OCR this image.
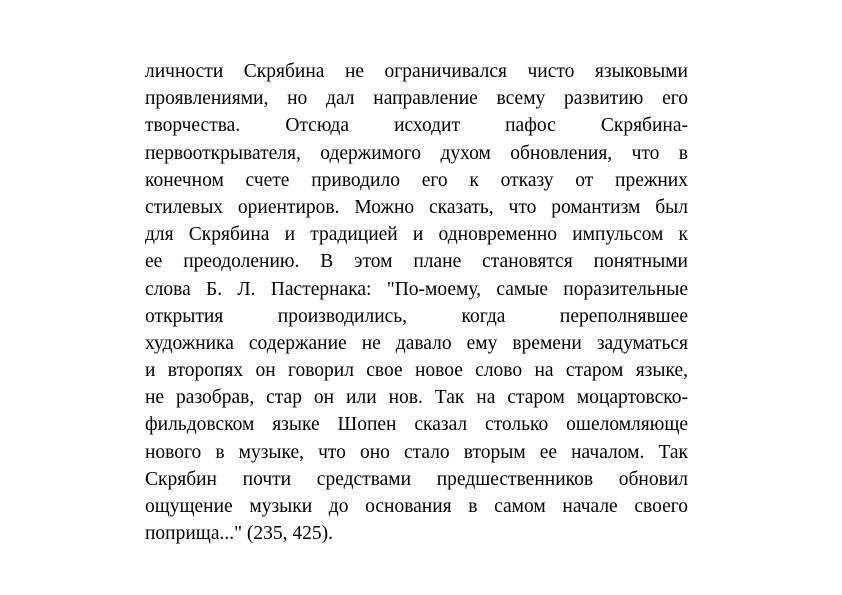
личности Скрябина не ограничивался чисто языковыми
проявлениями, но дал направление всему развитию его
творчества. Отсюда исходит пафос Скрябина-
первооткрывателя, одержимого духом обновления, что в
конечном счете приводило его к отказу от прежних
стилевых ориентиров. Можно сказать, что романтизм был
для Скрябина и традицией и одновременно импульсом к
ее преодолению. В этом плане становятся понятными
слова Б. Л. Пастернака: "По-моему, самые поразительные
открытия производились, когда переполнявшее
художника содержание не давало ему времени задуматься
и второпях он говорил свое новое слово на старом языке,
не разобрав, стар он или нов. Так на старом моцартовско-
фильдовском языке Шопен сказал столько ошеломляюще
нового в музыке, что оно стало вторым ее началом. Так
Скрябин почти средствами предшественников обновил
ощущение музыки до основания в самом начале своего
поприща..." (235, 425).
